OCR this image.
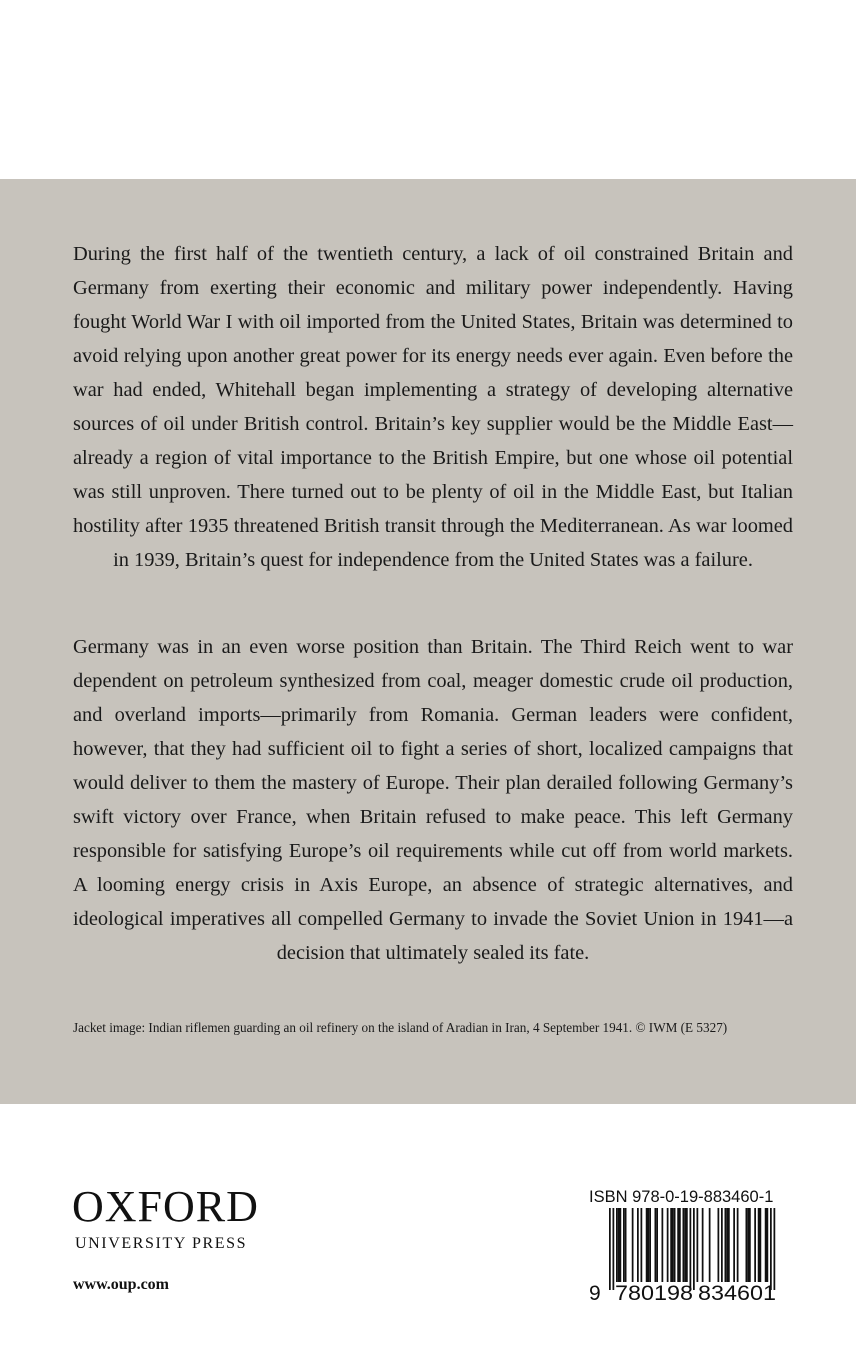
During the first half of the twentieth century, a lack of oil constrained Britain and Germany from exerting their economic and military power independently. Having fought World War I with oil imported from the United States, Britain was determined to avoid relying upon another great power for its energy needs ever again. Even before the war had ended, Whitehall began implementing a strategy of developing alternative sources of oil under British control. Britain’s key supplier would be the Middle East—already a region of vital importance to the British Empire, but one whose oil potential was still unproven. There turned out to be plenty of oil in the Middle East, but Italian hostility after 1935 threatened British transit through the Mediterranean. As war loomed in 1939, Britain’s quest for independence from the United States was a failure.

Germany was in an even worse position than Britain. The Third Reich went to war dependent on petroleum synthesized from coal, meager domestic crude oil production, and overland imports—primarily from Romania. German leaders were confident, however, that they had sufficient oil to fight a series of short, localized campaigns that would deliver to them the mastery of Europe. Their plan derailed following Germany’s swift victory over France, when Britain refused to make peace. This left Germany responsible for satisfying Europe’s oil requirements while cut off from world markets. A looming energy crisis in Axis Europe, an absence of strategic alternatives, and ideological imperatives all compelled Germany to invade the Soviet Union in 1941—a decision that ultimately sealed its fate.

Jacket image: Indian riflemen guarding an oil refinery on the island of Aradian in Iran, 4 September 1941. © IWM (E 5327)
OXFORD
UNIVERSITY PRESS
www.oup.com
ISBN 978-0-19-883460-1
9 780198 834601
